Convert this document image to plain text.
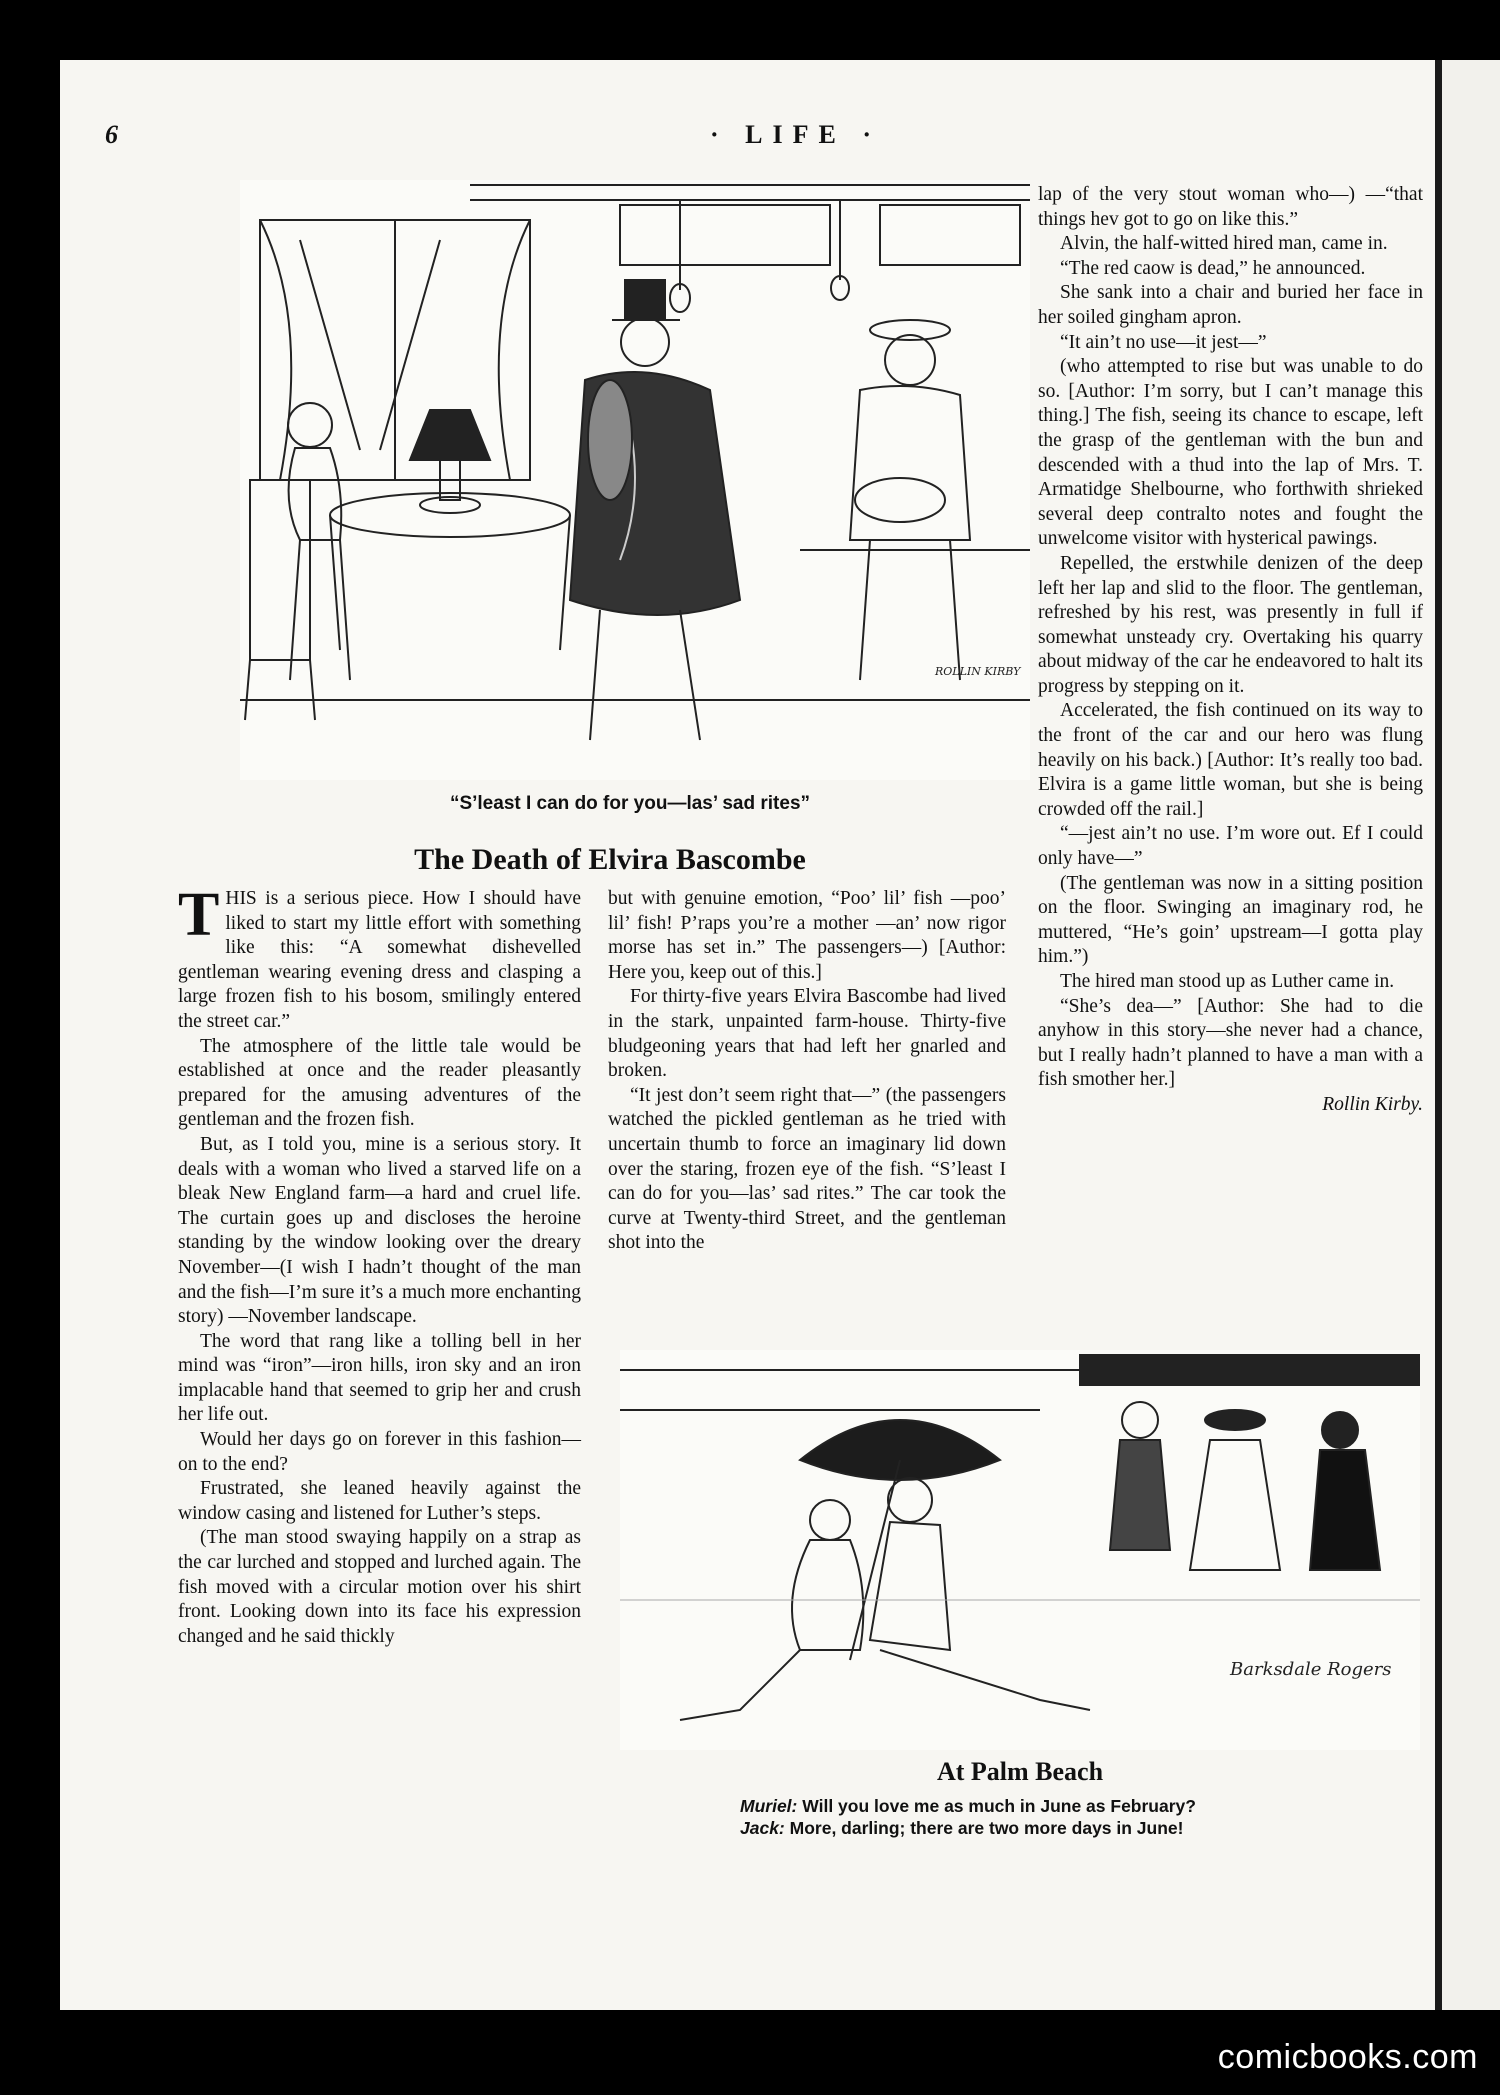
6	· LIFE ·
ROLLIN KIRBY
“S’least I can do for you—las’ sad rites”
The Death of Elvira Bascombe

THIS is a serious piece. How I should have liked to start my little effort with something like this: “A somewhat dishevelled gentleman wearing evening dress and clasping a large frozen fish to his bosom, smilingly entered the street car.”

The atmosphere of the little tale would be established at once and the reader pleasantly prepared for the amusing adventures of the gentleman and the frozen fish.

But, as I told you, mine is a serious story. It deals with a woman who lived a starved life on a bleak New England farm—a hard and cruel life. The curtain goes up and discloses the heroine standing by the window looking over the dreary November—(I wish I hadn’t thought of the man and the fish—I’m sure it’s a much more enchanting story) —November landscape.

The word that rang like a tolling bell in her mind was “iron”—iron hills, iron sky and an iron implacable hand that seemed to grip her and crush her life out.

Would her days go on forever in this fashion—on to the end?

Frustrated, she leaned heavily against the window casing and listened for Luther’s steps.

(The man stood swaying happily on a strap as the car lurched and stopped and lurched again. The fish moved with a circular motion over his shirt front. Looking down into its face his expression changed and he said thickly

but with genuine emotion, “Poo’ lil’ fish —poo’ lil’ fish! P’raps you’re a mother —an’ now rigor morse has set in.” The passengers—) [Author: Here you, keep out of this.]

For thirty-five years Elvira Bascombe had lived in the stark, unpainted farm-house. Thirty-five bludgeoning years that had left her gnarled and broken.

“It jest don’t seem right that—” (the passengers watched the pickled gentleman as he tried with uncertain thumb to force an imaginary lid down over the staring, frozen eye of the fish. “S’least I can do for you—las’ sad rites.” The car took the curve at Twenty-third Street, and the gentleman shot into the

lap of the very stout woman who—) —“that things hev got to go on like this.”

Alvin, the half-witted hired man, came in.

“The red caow is dead,” he announced.

She sank into a chair and buried her face in her soiled gingham apron.

“It ain’t no use—it jest—”

(who attempted to rise but was unable to do so. [Author: I’m sorry, but I can’t manage this thing.] The fish, seeing its chance to escape, left the grasp of the gentleman with the bun and descended with a thud into the lap of Mrs. T. Armatidge Shelbourne, who forthwith shrieked several deep contralto notes and fought the unwelcome visitor with hysterical pawings.

Repelled, the erstwhile denizen of the deep left her lap and slid to the floor. The gentleman, refreshed by his rest, was presently in full if somewhat unsteady cry. Overtaking his quarry about midway of the car he endeavored to halt its progress by stepping on it.

Accelerated, the fish continued on its way to the front of the car and our hero was flung heavily on his back.) [Author: It’s really too bad. Elvira is a game little woman, but she is being crowded off the rail.]

“—jest ain’t no use. I’m wore out. Ef I could only have—”

(The gentleman was now in a sitting position on the floor. Swinging an imaginary rod, he muttered, “He’s goin’ upstream—I gotta play him.”)

The hired man stood up as Luther came in.

“She’s dea—” [Author: She had to die anyhow in this story—she never had a chance, but I really hadn’t planned to have a man with a fish smother her.]

Rollin Kirby.

Barksdale Rogers
At Palm Beach
Muriel: Will you love me as much in June as February?
Jack: More, darling; there are two more days in June!
comicbooks.com
